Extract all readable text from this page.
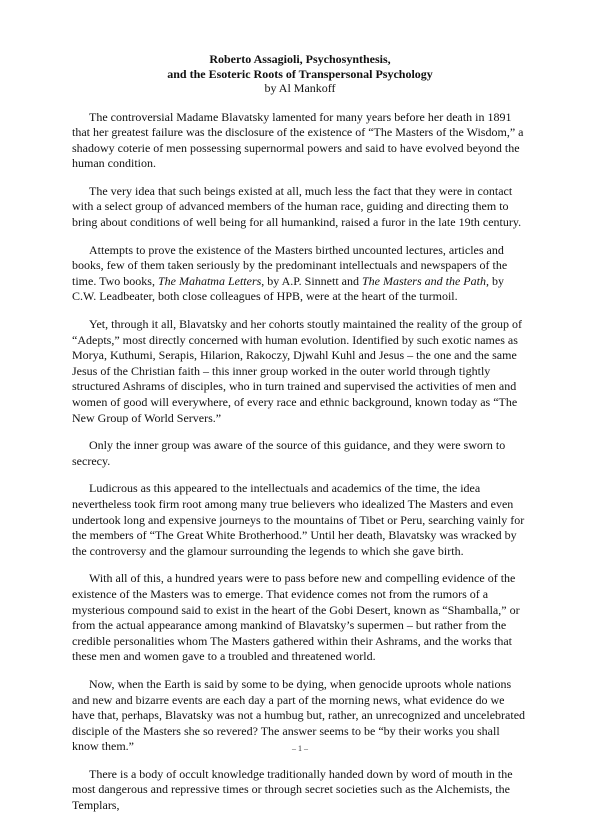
Roberto Assagioli, Psychosynthesis,
and the Esoteric Roots of Transpersonal Psychology
by Al Mankoff

The controversial Madame Blavatsky lamented for many years before her death in 1891 that her greatest failure was the disclosure of the existence of “The Masters of the Wisdom,” a shadowy coterie of men possessing supernormal powers and said to have evolved beyond the human condition.

The very idea that such beings existed at all, much less the fact that they were in contact with a select group of advanced members of the human race, guiding and directing them to bring about conditions of well being for all humankind, raised a furor in the late 19th century.

Attempts to prove the existence of the Masters birthed uncounted lectures, articles and books, few of them taken seriously by the predominant intellectuals and newspapers of the time. Two books, The Mahatma Letters, by A.P. Sinnett and The Masters and the Path, by C.W. Leadbeater, both close colleagues of HPB, were at the heart of the turmoil.

Yet, through it all, Blavatsky and her cohorts stoutly maintained the reality of the group of “Adepts,” most directly concerned with human evolution. Identified by such exotic names as Morya, Kuthumi, Serapis, Hilarion, Rakoczy, Djwahl Kuhl and Jesus – the one and the same Jesus of the Christian faith – this inner group worked in the outer world through tightly structured Ashrams of disciples, who in turn trained and supervised the activities of men and women of good will everywhere, of every race and ethnic background, known today as “The New Group of World Servers.”

Only the inner group was aware of the source of this guidance, and they were sworn to secrecy.

Ludicrous as this appeared to the intellectuals and academics of the time, the idea nevertheless took firm root among many true believers who idealized The Masters and even undertook long and expensive journeys to the mountains of Tibet or Peru, searching vainly for the members of “The Great White Brotherhood.” Until her death, Blavatsky was wracked by the controversy and the glamour surrounding the legends to which she gave birth.

With all of this, a hundred years were to pass before new and compelling evidence of the existence of the Masters was to emerge. That evidence comes not from the rumors of a mysterious compound said to exist in the heart of the Gobi Desert, known as “Shamballa,” or from the actual appearance among mankind of Blavatsky’s supermen – but rather from the credible personalities whom The Masters gathered within their Ashrams, and the works that these men and women gave to a troubled and threatened world.

Now, when the Earth is said by some to be dying, when genocide uproots whole nations and new and bizarre events are each day a part of the morning news, what evidence do we have that, perhaps, Blavatsky was not a humbug but, rather, an unrecognized and uncelebrated disciple of the Masters she so revered? The answer seems to be “by their works you shall know them.”

There is a body of occult knowledge traditionally handed down by word of mouth in the most dangerous and repressive times or through secret societies such as the Alchemists, the Templars,

– 1 –
